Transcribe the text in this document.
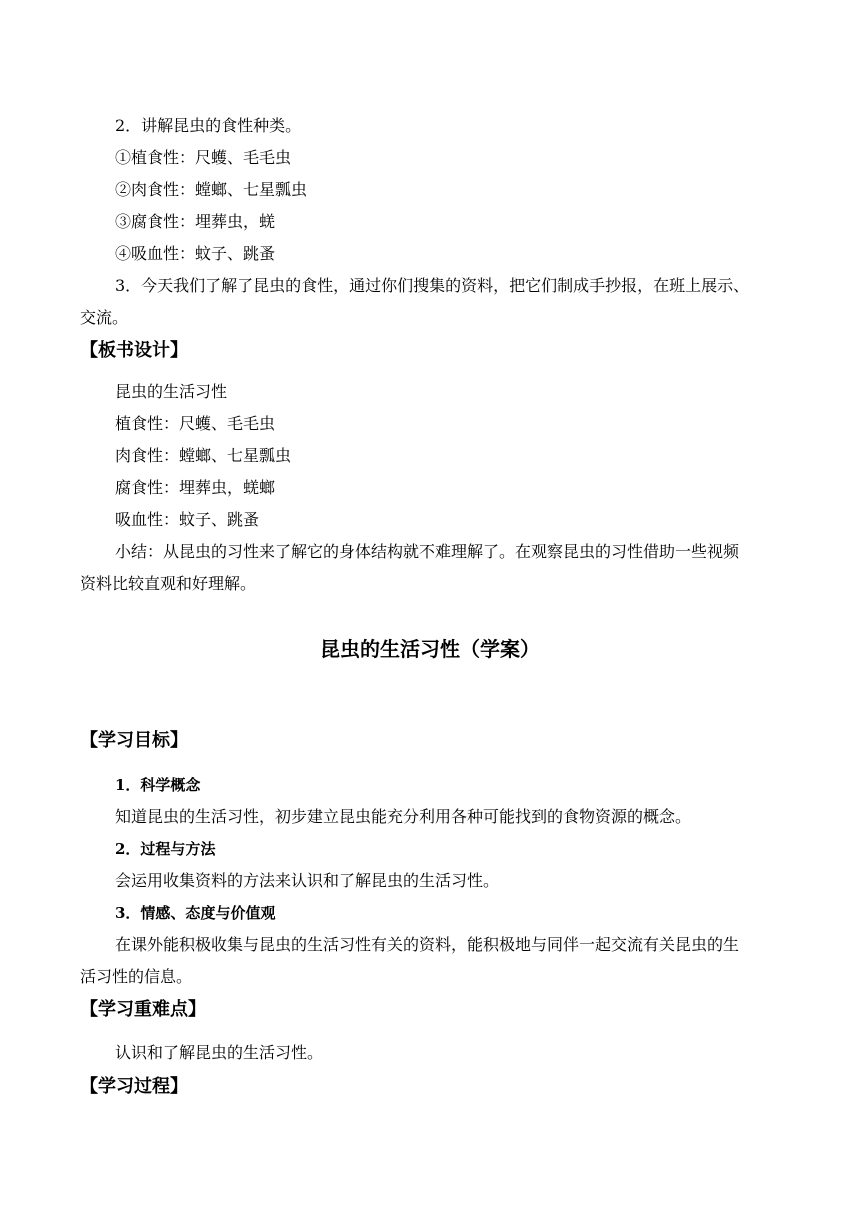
2．讲解昆虫的食性种类。
①植食性：尺蠖、毛毛虫
②肉食性：螳螂、七星瓢虫
③腐食性：埋葬虫，蜣
④吸血性：蚊子、跳蚤
3．今天我们了解了昆虫的食性，通过你们搜集的资料，把它们制成手抄报，在班上展示、
交流。
【板书设计】
昆虫的生活习性
植食性：尺蠖、毛毛虫
肉食性：螳螂、七星瓢虫
腐食性：埋葬虫，蜣螂
吸血性：蚊子、跳蚤
小结：从昆虫的习性来了解它的身体结构就不难理解了。在观察昆虫的习性借助一些视频
资料比较直观和好理解。
昆虫的生活习性（学案）
【学习目标】
1．科学概念
知道昆虫的生活习性，初步建立昆虫能充分利用各种可能找到的食物资源的概念。
2．过程与方法
会运用收集资料的方法来认识和了解昆虫的生活习性。
3．情感、态度与价值观
在课外能积极收集与昆虫的生活习性有关的资料，能积极地与同伴一起交流有关昆虫的生
活习性的信息。
【学习重难点】
认识和了解昆虫的生活习性。
【学习过程】
